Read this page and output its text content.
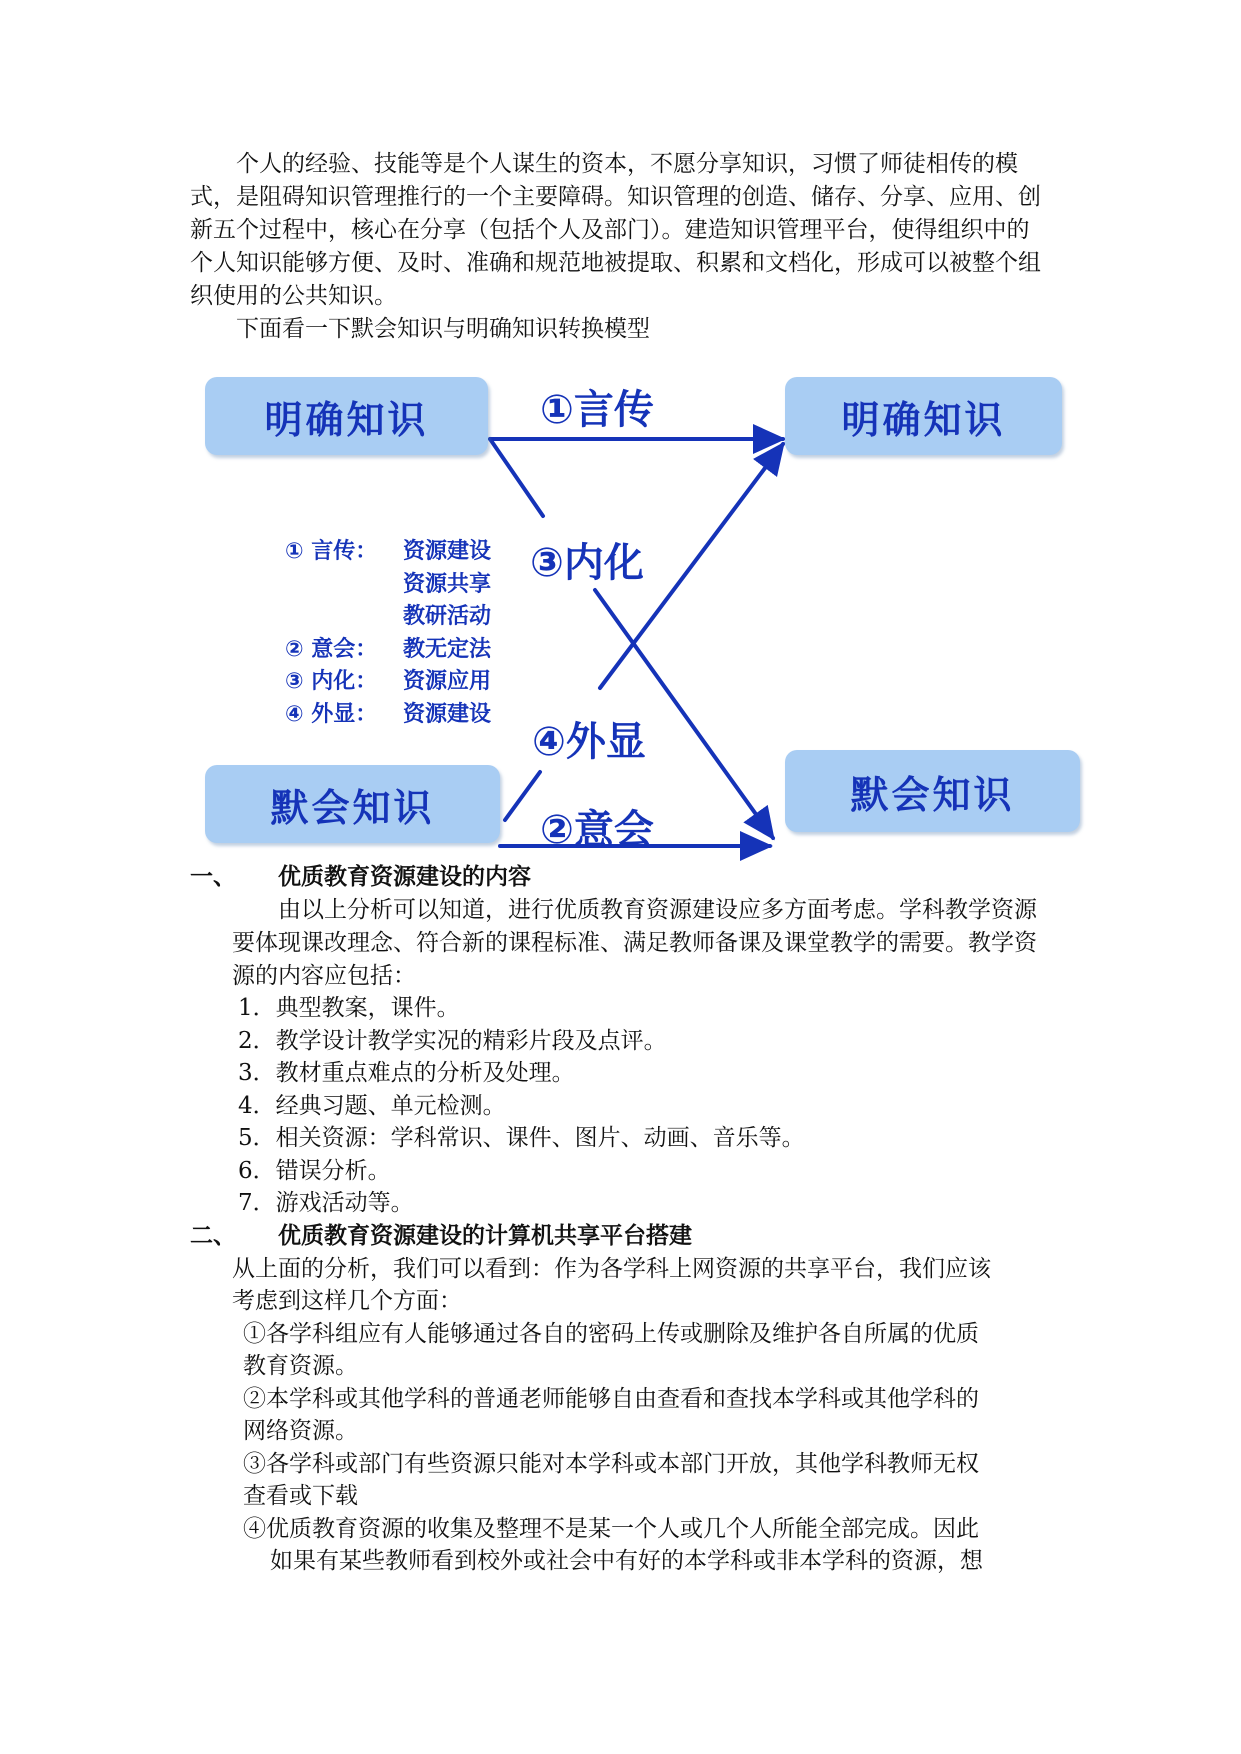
个人的经验、技能等是个人谋生的资本，不愿分享知识，习惯了师徒相传的模式，是阻碍知识管理推行的一个主要障碍。知识管理的创造、储存、分享、应用、创新五个过程中，核心在分享（包括个人及部门）。建造知识管理平台，使得组织中的个人知识能够方便、及时、准确和规范地被提取、积累和文档化，形成可以被整个组织使用的公共知识。

下面看一下默会知识与明确知识转换模型

明确知识	明确知识
默会知识	默会知识
①言传
③内化
④外显
②意会
① 言传： 资源建设
资源共享
教研活动
② 意会： 教无定法
③ 内化： 资源应用
④ 外显： 资源建设
一、 优质教育资源建设的内容

由以上分析可以知道，进行优质教育资源建设应多方面考虑。学科教学资源要体现课改理念、符合新的课程标准、满足教师备课及课堂教学的需要。教学资源的内容应包括：

1．典型教案，课件。

2．教学设计教学实况的精彩片段及点评。

3．教材重点难点的分析及处理。

4．经典习题、单元检测。

5．相关资源：学科常识、课件、图片、动画、音乐等。

6．错误分析。

7．游戏活动等。

二、 优质教育资源建设的计算机共享平台搭建

从上面的分析，我们可以看到：作为各学科上网资源的共享平台，我们应该

考虑到这样几个方面：

①各学科组应有人能够通过各自的密码上传或删除及维护各自所属的优质
教育资源。
②本学科或其他学科的普通老师能够自由查看和查找本学科或其他学科的
网络资源。
③各学科或部门有些资源只能对本学科或本部门开放，其他学科教师无权
查看或下载
④优质教育资源的收集及整理不是某一个人或几个人所能全部完成。因此
如果有某些教师看到校外或社会中有好的本学科或非本学科的资源，想
